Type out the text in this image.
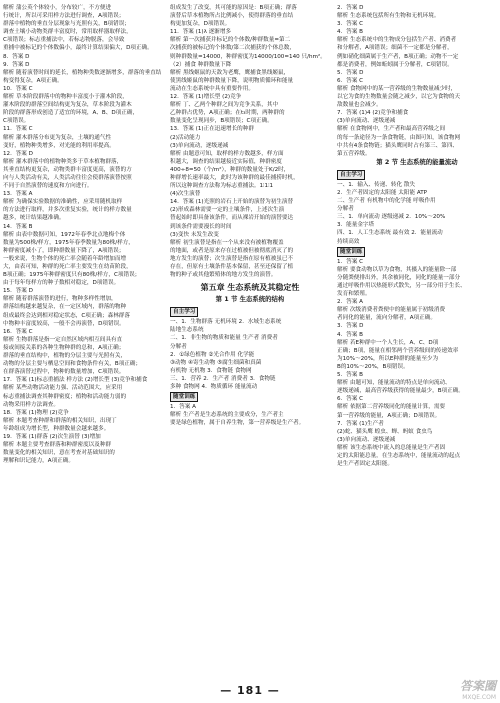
解析 蒲公英个体较小，分布较广，不方便进

行统计，所以可采用样方法进行调查，A项错误；

群落中植物的垂直分层现象与光照有关，B项错误；

调查土壤小动物类群丰富度时，常用取样器取样法，

C项错误；标志重捕法中，若标志物脱落，会导致

重捕中被标记的个体数偏小，最终计算结果偏大，D项正确。

8．答案 D

9．答案 D

解析 随着演替时间的延长，植物种类数逐渐增多，群落的垂直结构变得复杂，A项正确。

10．答案 C

解析 草本阶段群落中的物种丰富度小于灌木阶段，

灌木阶段的群落空间结构更为复杂，草本阶段为灌木

阶段的群落形成创造了适宜的环境，A、B、D项正确，

C项错误。

11．答案 C

解析 灌木群落分布更为复杂，土壤的通气性

变好，植物种类增多，对光能的利用率提高。

12．答案 D

解析 灌木群落中的植物种类多于草本植物群落，

其垂直结构更复杂，动物类群丰富度更高，演替的方

向与人类活动有关，人类活动往往会使群落演替按照

不同于自然演替的速度和方向进行。

13．答案 A

解析 为确保实验数据的准确性，应采用随机取样

的方法进行取样，并多次重复实验，统计的样方数量

越多，统计结果越准确。

14．答案 B

解析 由表中数据可知，1972年春季北点地梅个体

数量为500株/样方，1975年春季数量为80株/样方，

种群密度减小了，即种群数量下降了，A项错误；

一般来说，生物个体的死亡率会随着年龄增加而增

大，由表可知，种群的死亡率主要发生在幼苗阶段，

B项正确；1975年种群密度只有80株/样方，C项错误；

由于每年每样方的种子数相对稳定，D项错误。

15．答案 D

解析 随着群落演替的进行，物种多样性增加，

群落结构越来越复杂，在一定区域内，群落的物种

组成最终会达到相对稳定状态，C项正确；森林群落

中物种丰富度较高，一般不会再演替，D项错误。

16．答案 C

解析 生物群落是指一定自然区域内相互间具有直

接或间接关系的各种生物种群的总和，A项正确；

群落的垂直结构中，植物的分层主要与光照有关，

动物的分层主要与栖息空间和食物条件有关，B项正确；

在群落演替过程中，物种的数量增加，C项错误。

17．答案 (1)标志重捕法 样方法 (2)增长型 (3)竞争和捕食

解析 某些动物活动能力强、活动范围大，应采用

标志重捕法调查其种群密度；植物和活动能力弱的

动物采用样方法调查。

18．答案 (1)物理 (2)竞争

解析 本题考查种群和群落的相关知识，出现丁

年龄组成为增长型，种群数量会越来越多。

19．答案 (1)群落 (2)次生演替 (3)增加

解析 本题主要考查群落和种群密度以及种群

数量变化的相关知识，意在考查对基础知识的

理解和识记能力，A项正确。

组成发生了改变，其可能的原因是：B项正确；群落

演替后草本植物所占比例减小，使得群落的垂直结

构更加复杂，D项错误。

11．答案 (1)λ 逐渐增多

解析 第一次捕获并标记的个体数/种群数量=第二

次捕获的被标记的个体数/第二次捕获的个体总数，

则种群数量=14000，种群密度为14000/100=140 只/hm²。

（2）捕食 种群数量下降

解析 黑线姬鼠的天敌为老鹰，鹰捕食黑线姬鼠，

使黑线姬鼠的种群数量下降，说明物质循环和能量

流动在生态系统中具有重要作用。

12．答案 (1)增长型 (2)竞争

解析 丁、乙两个种群之间为竞争关系，其中

乙种群占优势，A项正确；在t₃时期，两种群的

数量变化呈现同步，B项错误；C项正确。

13．答案 (1)正在迅速增长的种群

(2)活动能力

(3)单向流动，逐级递减

解析 由题意可知，取样的样方数越多，样方面

积越大，调查的结果越接近实际值，种群密度

400÷8=50（个/m²），种群的数量处于K/2时，

种群增长速率最大，此时为该种群的最佳捕捞时机，

所以这种调查方法称为标志重捕法。1∶1∶1

(4)次生演替

14．答案 (1)光照的岩石上开始的演替为初生演替

(2)形成森林需要一定的土壤条件，上述次生演

替起始时即具备该条件，而从裸岩开始的演替要达

到该条件需要漫长的时间

(3)变快 未发生改变

解析 初生演替是指在一个从来没有被植物覆盖

的地面，或者是原来存在过植被但被彻底消灭了的

地方发生的演替；次生演替是指在原有植被虽已不

存在，但原有土壤条件基本保留，甚至还保留了植

物的种子或其他繁殖体的地方发生的演替。

第五章 生态系统及其稳定性
第 1 节 生态系统的结构
自主学习

一、1．生物群落 无机环境 2．水域生态系统

陆地生态系统

二、1．非生物的物质和能量 生产者 消费者

分解者

2．①绿色植物 ②光合作用 化学能

③动物 ④寄生动物 ⑤腐生细菌和真菌

有机物 无机物 3．食物链 食物网

三、1．营养 2．生产者 消费者 3．食物链

多种 食物网 4．物质循环 能量流动

随堂训练

1．答案 A

解析 生产者是生态系统的主要成分，生产者主

要是绿色植物，属于自养生物，第一营养级是生产者。

2．答案 D

解析 生态系统包括所有生物和无机环境。

3．答案 C

4．答案 B

解析 生态系统中的生物成分包括生产者、消费者

和分解者，A项错误；细菌不一定都是分解者，

例如硝化细菌属于生产者，B项正确；动物不一定

都是消费者，例如蚯蚓属于分解者，C项错误。

5．答案 D

6．答案 C

解析 食物网中的某一营养级的生物数量减少时，

以它为食的生物数量会随之减少，以它为食物的天

敌数量也会减少。

7．答案 (1)4 (2)竞争和捕食

(3)单向流动、逐级递减

解析 在食物网中，生产者和最高营养级之间

的每一条途径为一条食物链，由图可知，该食物网

中共有4条食物链；猫头鹰同时占有第三、第四、

第五营养级。

第 2 节 生态系统的能量流动
自主学习

一、1．输入、传递、转化 散失

2．生产者固定的太阳能 太阳能 ATP

二、生产者 有机物中的化学能 呼吸作用

分解者

三、1．单向流动 逐级递减 2．10%～20%

3．能量金字塔

四、1．人工生态系统 最有效 2．能量流动

持续高效

随堂训练

1．答案 C

解析 要食动物以草为食物，其摄入的能量除一部

分随粪便排出外，其余被同化，同化的能量一部分

通过呼吸作用以热能形式散失，另一部分用于生长、

发育和繁殖。

2．答案 A

解析 次级消费者粪便中的能量属于初级消费

者同化的能量，流向分解者，A项正确。

3．答案 D

4．答案 B

解析 若E种群中一个人生长，A、C、D项

正确；B项，能量在相邻两个营养级间的传递效率

为10%～20%，所以E种群的能量至少为

B的10%～20%，B项错误。

5．答案 B

解析 由题可知，能量流动的特点是单向流动、

逐级递减，最高营养级获得的能量最少，B项正确。

6．答案 C

解析 依据第二营养级同化的能量计算，需要

第一营养级的能量，A项正确；D项错误。

7．答案 (1)生产者

(2)蛇、猫头鹰 蝗虫、蝉、蚂蚁 食虫鸟

(3)单向流动、逐级递减

解析 该生态系统中流入的总能量是生产者固

定的太阳能总量，在生态系统中，能量流动的起点

是生产者固定太阳能。

— 181 —	答案圈
MXQE.COM
